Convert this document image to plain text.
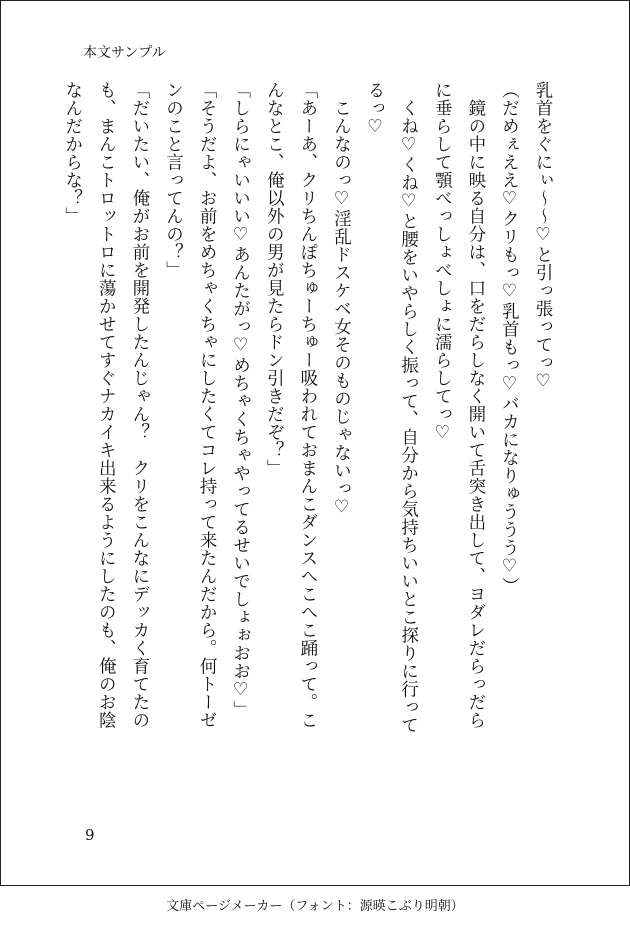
本文サンプル
乳首をぐにぃ〜〜♡と引っ張ってっ♡
（だめぇええ♡クリもっ♡乳首もっ♡バカになりゅううう♡）
　鏡の中に映る自分は、口をだらしなく開いて舌突き出して、ヨダレだらっだら
に垂らして顎べっしょべしょに濡らしてっ♡
　くね♡くね♡と腰をいやらしく振って、自分から気持ちいいとこ探りに行って
るっ♡
　こんなのっ♡淫乱ドスケベ女そのものじゃないっ♡
「あーあ、クリちんぽちゅーちゅー吸われておまんこダンスへこへこ踊って。こ
んなとこ、俺以外の男が見たらドン引きだぞ？」
「しらにゃいいい♡あんたがっ♡めちゃくちゃやってるせいでしょぉおお♡」
「そうだよ、お前をめちゃくちゃにしたくてコレ持って来たんだから。何トーゼ
ンのこと言ってんの？」
「だいたい、俺がお前を開発したんじゃん？　クリをこんなにデッカく育てたの
も、まんこトロットロに蕩かせてすぐナカイキ出来るようにしたのも、俺のお陰
なんだからな？」
9
文庫ページメーカー（フォント：源暎こぶり明朝）
